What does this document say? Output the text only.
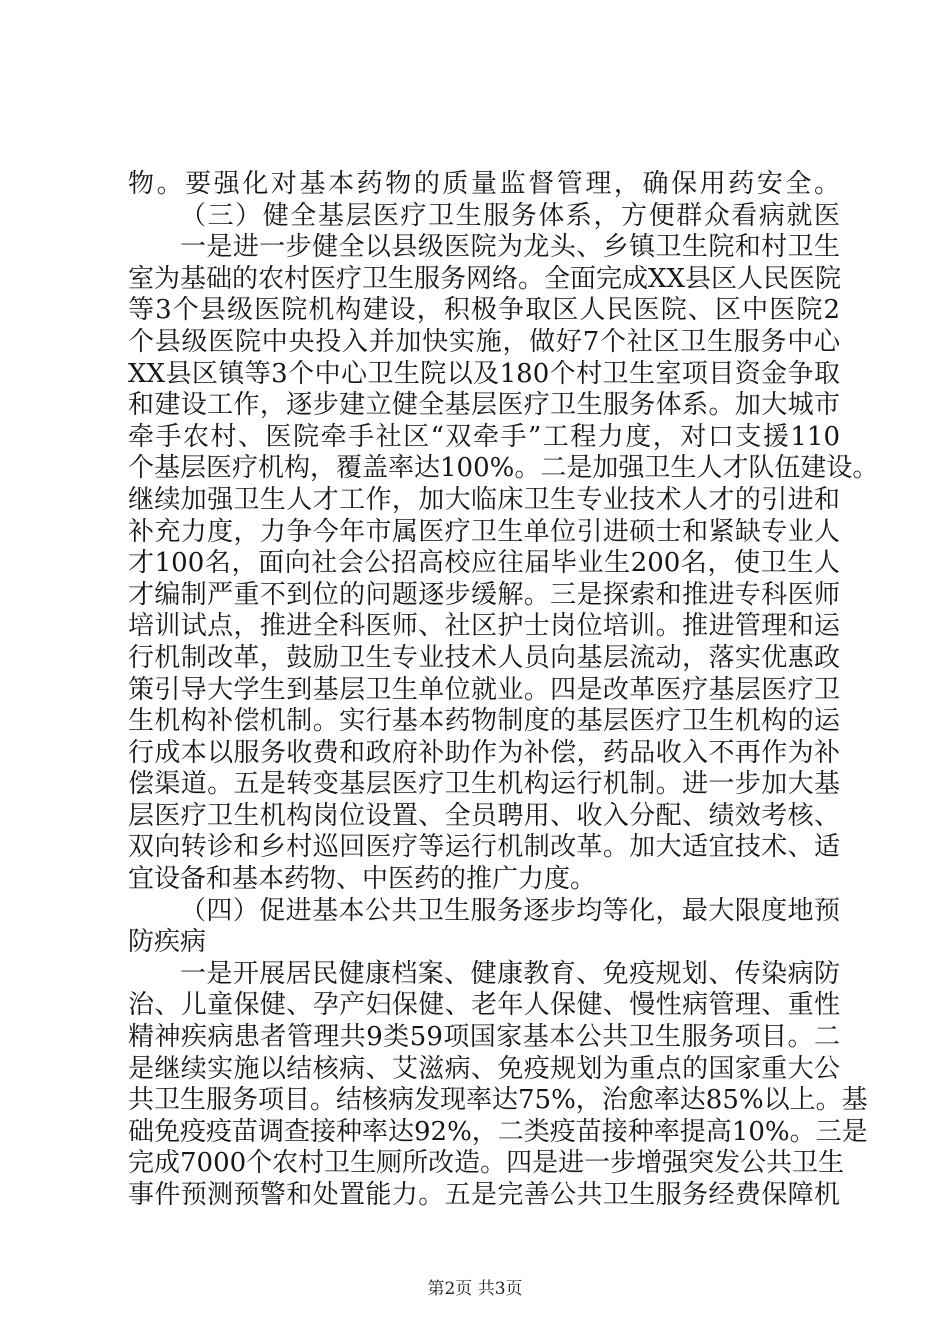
物。要强化对基本药物的质量监督管理，确保用药安全。
（三）健全基层医疗卫生服务体系，方便群众看病就医
一是进一步健全以县级医院为龙头、乡镇卫生院和村卫生
室为基础的农村医疗卫生服务网络。全面完成XX县区人民医院
等3个县级医院机构建设，积极争取区人民医院、区中医院2
个县级医院中央投入并加快实施，做好7个社区卫生服务中心
XX县区镇等3个中心卫生院以及180个村卫生室项目资金争取
和建设工作，逐步建立健全基层医疗卫生服务体系。加大城市
牵手农村、医院牵手社区“双牵手”工程力度，对口支援110
个基层医疗机构，覆盖率达100%。二是加强卫生人才队伍建设。
继续加强卫生人才工作，加大临床卫生专业技术人才的引进和
补充力度，力争今年市属医疗卫生单位引进硕士和紧缺专业人
才100名，面向社会公招高校应往届毕业生200名，使卫生人
才编制严重不到位的问题逐步缓解。三是探索和推进专科医师
培训试点，推进全科医师、社区护士岗位培训。推进管理和运
行机制改革，鼓励卫生专业技术人员向基层流动，落实优惠政
策引导大学生到基层卫生单位就业。四是改革医疗基层医疗卫
生机构补偿机制。实行基本药物制度的基层医疗卫生机构的运
行成本以服务收费和政府补助作为补偿，药品收入不再作为补
偿渠道。五是转变基层医疗卫生机构运行机制。进一步加大基
层医疗卫生机构岗位设置、全员聘用、收入分配、绩效考核、
双向转诊和乡村巡回医疗等运行机制改革。加大适宜技术、适
宜设备和基本药物、中医药的推广力度。
（四）促进基本公共卫生服务逐步均等化，最大限度地预
防疾病
一是开展居民健康档案、健康教育、免疫规划、传染病防
治、儿童保健、孕产妇保健、老年人保健、慢性病管理、重性
精神疾病患者管理共9类59项国家基本公共卫生服务项目。二
是继续实施以结核病、艾滋病、免疫规划为重点的国家重大公
共卫生服务项目。结核病发现率达75%，治愈率达85%以上。基
础免疫疫苗调查接种率达92%，二类疫苗接种率提高10%。三是
完成7000个农村卫生厕所改造。四是进一步增强突发公共卫生
事件预测预警和处置能力。五是完善公共卫生服务经费保障机
第2页 共3页
